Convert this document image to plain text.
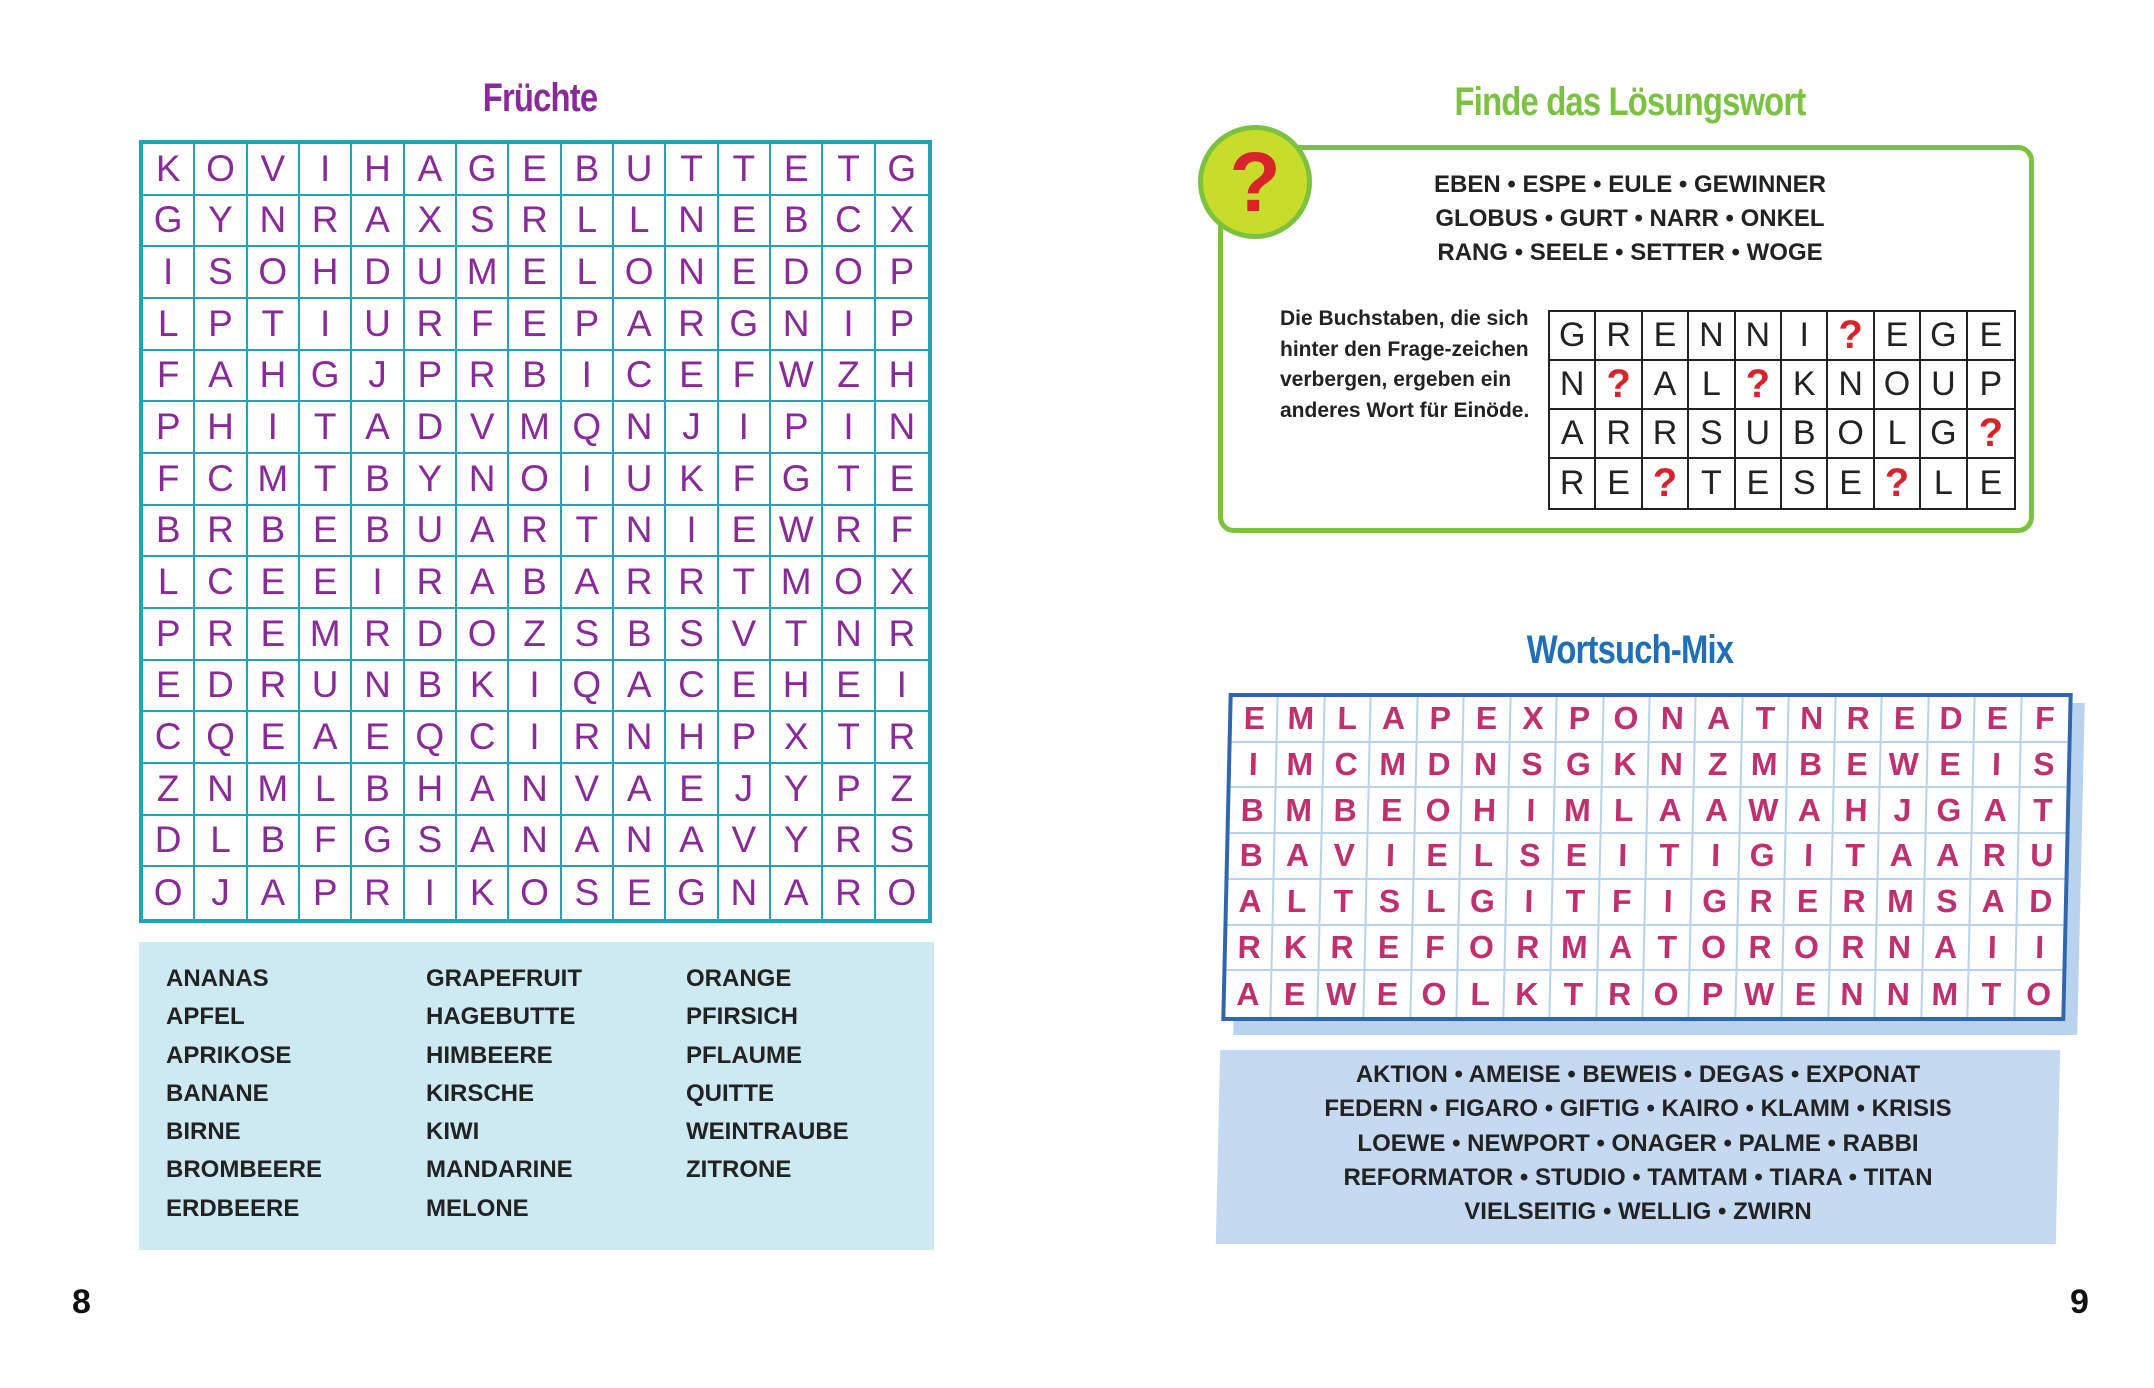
Früchte
K O V I H A G E B U T T E T G
G Y N R A X S R L L N E B C X
I S O H D U M E L O N E D O P
L P T I U R F E P A R G N I P
F A H G J P R B I C E F W Z H
P H I T A D V M Q N J	I P I N
F C M T B Y N O I U K F G T E
B R B E B U A R T N I E W R F
L C E E I R A B A R R T M O X
P R E M R D O Z S B S V T N R
E D R U N B K I Q A C E H E I
C Q E A E Q C I R N H P X T R
Z N M L B H A N V A E J Y P Z
D L B F G S A N A N A V Y R S
O J A P R I K O S E G N A R O
ANANAS
APFEL
APRIKOSE
BANANE
BIRNE
BROMBEERE
ERDBEERE
GRAPEFRUIT
HAGEBUTTE
HIMBEERE
KIRSCHE
KIWI
MANDARINE
MELONE
ORANGE
PFIRSICH
PFLAUME
QUITTE
WEINTRAUBE
ZITRONE
8
Finde das Lösungswort
?	EBEN • ESPE • EULE • GEWINNER
GLOBUS • GURT • NARR • ONKEL
RANG • SEELE • SETTER • WOGE
Die Buchstaben, die sich hinter den Frage-zeichen verbergen, ergeben ein anderes Wort für Einöde.
G R E N N I ? E G E
N ? A L ? K N O U P
A R R S U B O L G ?
R E ? T E S E ? L E
Wortsuch-Mix
E M L A P E X P O N A T N R E D E F
I M C M D N S G K N Z M B E W E I S
B M B E O H I M L A A W A H J G A T
B A V I E L S E I T I G I T A A R U
A L T S L G I T F I G R E R M S A D
R K R E F O R M A T O R O R N A I	I
A E W E O L K T R O P W E N N M T O
AKTION • AMEISE • BEWEIS • DEGAS • EXPONAT
FEDERN • FIGARO • GIFTIG • KAIRO • KLAMM • KRISIS
LOEWE • NEWPORT • ONAGER • PALME • RABBI
REFORMATOR • STUDIO • TAMTAM • TIARA • TITAN
VIELSEITIG • WELLIG • ZWIRN
9
